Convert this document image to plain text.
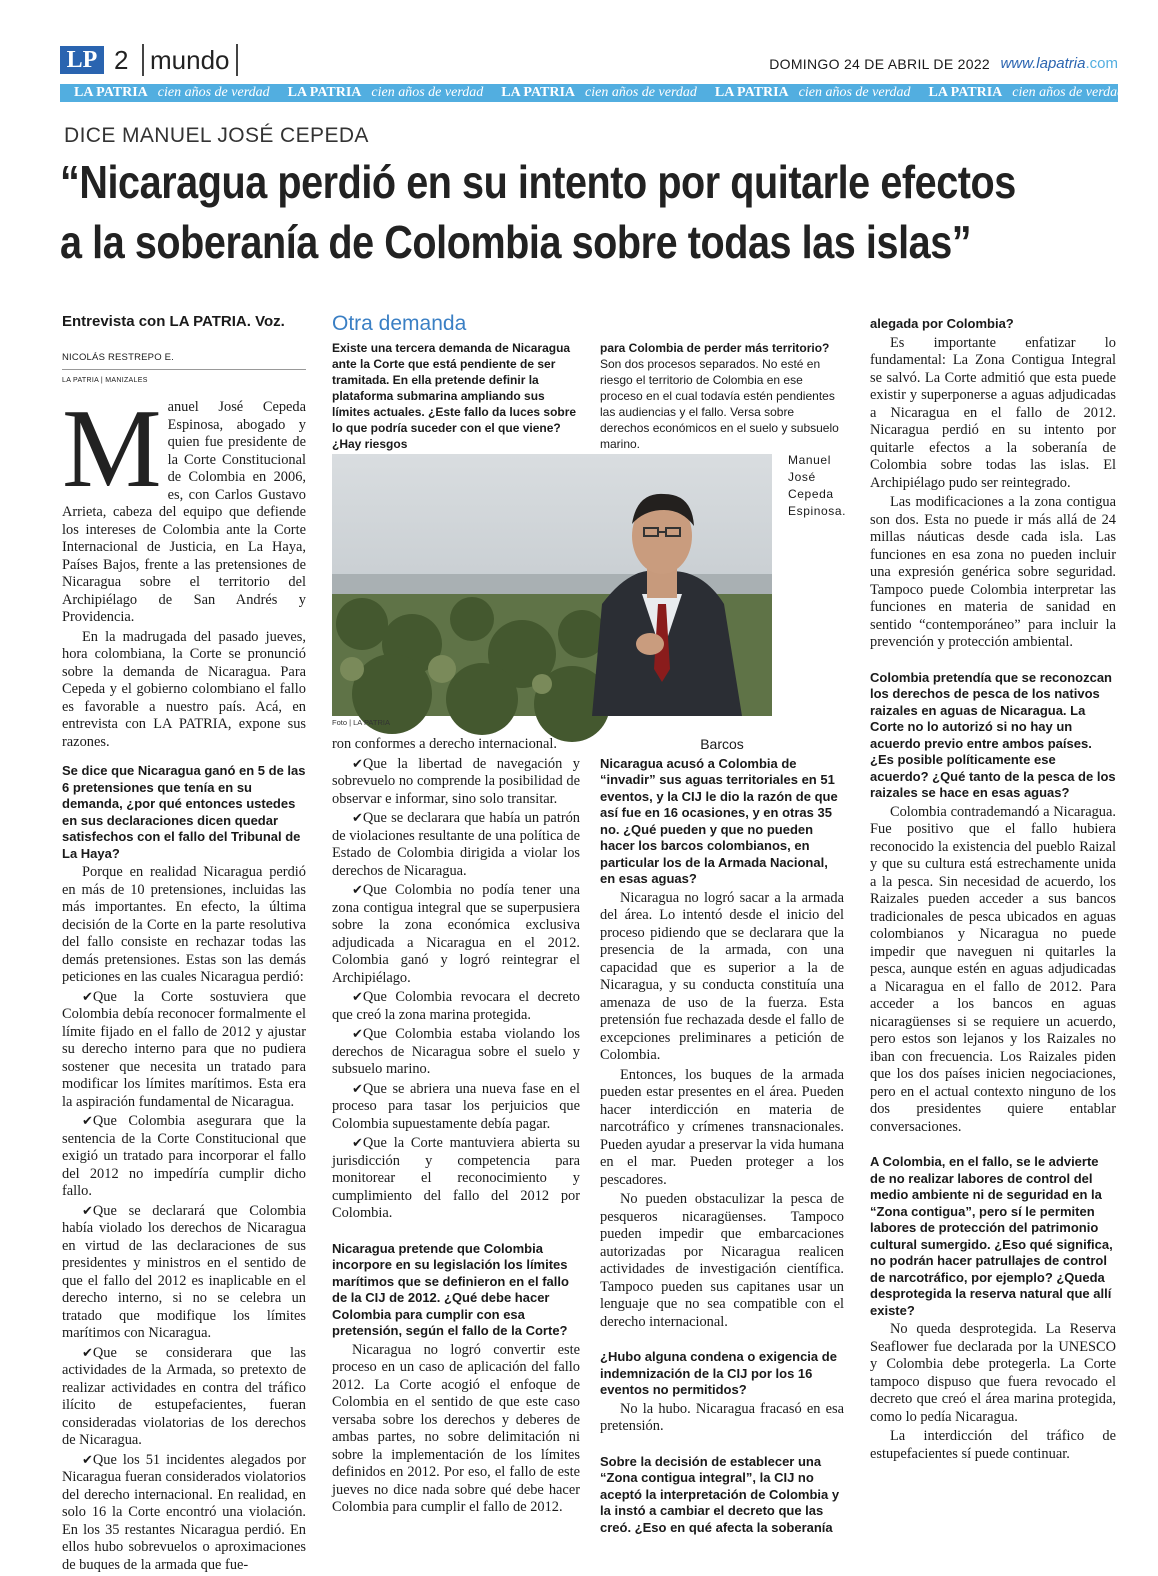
LP 2 mundo	DOMINGO 24 DE ABRIL DE 2022 www.lapatria.com
LA PATRIA cien años de verdad LA PATRIA cien años de verdad LA PATRIA cien años de verdad LA PATRIA cien años de verdad LA PATRIA cien años de verdad
DICE MANUEL JOSÉ CEPEDA
“Nicaragua perdió en su intento por quitarle efectos
a la soberanía de Colombia sobre todas las islas”
Entrevista con LA PATRIA. Voz.
NICOLÁS RESTREPO E.
LA PATRIA | MANIZALES

Manuel José Cepeda Espinosa, abogado y quien fue presidente de la Corte Constitucional de Colombia en 2006, es, con Carlos Gustavo Arrieta, cabeza del equipo que defiende los intereses de Colombia ante la Corte Internacional de Justicia, en La Haya, Países Bajos, frente a las pretensiones de Nicaragua sobre el territorio del Archipiélago de San Andrés y Providencia.

En la madrugada del pasado jueves, hora colombiana, la Corte se pronunció sobre la demanda de Nicaragua. Para Cepeda y el gobierno colombiano el fallo es favorable a nuestro país. Acá, en entrevista con LA PATRIA, expone sus razones.

Se dice que Nicaragua ganó en 5 de las 6 pretensiones que tenía en su demanda, ¿por qué entonces ustedes en sus declaraciones dicen quedar satisfechos con el fallo del Tribunal de La Haya?

Porque en realidad Nicaragua perdió en más de 10 pretensiones, incluidas las más importantes. En efecto, la última decisión de la Corte en la parte resolutiva del fallo consiste en rechazar todas las demás pretensiones. Estas son las demás peticiones en las cuales Nicaragua perdió:

✔Que la Corte sostuviera que Colombia debía reconocer formalmente el límite fijado en el fallo de 2012 y ajustar su derecho interno para que no pudiera sostener que necesita un tratado para modificar los límites marítimos. Esta era la aspiración fundamental de Nicaragua.

✔Que Colombia asegurara que la sentencia de la Corte Constitucional que exigió un tratado para incorporar el fallo del 2012 no impedíría cumplir dicho fallo.

✔Que se declarará que Colombia había violado los derechos de Nicaragua en virtud de las declaraciones de sus presidentes y ministros en el sentido de que el fallo del 2012 es inaplicable en el derecho interno, si no se celebra un tratado que modifique los límites marítimos con Nicaragua.

✔Que se considerara que las actividades de la Armada, so pretexto de realizar actividades en contra del tráfico ilícito de estupefacientes, fueran consideradas violatorias de los derechos de Nicaragua.

✔Que los 51 incidentes alegados por Nicaragua fueran considerados violatorios del derecho internacional. En realidad, en solo 16 la Corte encontró una violación. En los 35 restantes Nicaragua perdió. En ellos hubo sobrevuelos o aproximaciones de buques de la armada que fue-

Otra demanda
Existe una tercera demanda de Nicaragua ante la Corte que está pendiente de ser tramitada. En ella pretende definir la plataforma submarina ampliando sus límites actuales. ¿Este fallo da luces sobre lo que podría suceder con el que viene? ¿Hay riesgos
para Colombia de perder más territorio?
Son dos procesos separados. No esté en riesgo el territorio de Colombia en ese proceso en el cual todavía estén pendientes las audiencias y el fallo. Versa sobre derechos económicos en el suelo y subsuelo marino.
Foto | LA PATRIA
Manuel José Cepeda Espinosa.

ron conformes a derecho internacional.

✔Que la libertad de navegación y sobrevuelo no comprende la posibilidad de observar e informar, sino solo transitar.

✔Que se declarara que había un patrón de violaciones resultante de una política de Estado de Colombia dirigida a violar los derechos de Nicaragua.

✔Que Colombia no podía tener una zona contigua integral que se superpusiera sobre la zona económica exclusiva adjudicada a Nicaragua en el 2012. Colombia ganó y logró reintegrar el Archipiélago.

✔Que Colombia revocara el decreto que creó la zona marina protegida.

✔Que Colombia estaba violando los derechos de Nicaragua sobre el suelo y subsuelo marino.

✔Que se abriera una nueva fase en el proceso para tasar los perjuicios que Colombia supuestamente debía pagar.

✔Que la Corte mantuviera abierta su jurisdicción y competencia para monitorear el reconocimiento y cumplimiento del fallo del 2012 por Colombia.

Nicaragua pretende que Colombia incorpore en su legislación los límites marítimos que se definieron en el fallo de la CIJ de 2012. ¿Qué debe hacer Colombia para cumplir con esa pretensión, según el fallo de la Corte?

Nicaragua no logró convertir este proceso en un caso de aplicación del fallo 2012. La Corte acogió el enfoque de Colombia en el sentido de que este caso versaba sobre los derechos y deberes de ambas partes, no sobre delimitación ni sobre la implementación de los límites definidos en 2012. Por eso, el fallo de este jueves no dice nada sobre qué debe hacer Colombia para cumplir el fallo de 2012.

Barcos

Nicaragua acusó a Colombia de “invadir” sus aguas territoriales en 51 eventos, y la CIJ le dio la razón de que así fue en 16 ocasiones, y en otras 35 no. ¿Qué pueden y que no pueden hacer los barcos colombianos, en particular los de la Armada Nacional, en esas aguas?

Nicaragua no logró sacar a la armada del área. Lo intentó desde el inicio del proceso pidiendo que se declarara que la presencia de la armada, con una capacidad que es superior a la de Nicaragua, y su conducta constituía una amenaza de uso de la fuerza. Esta pretensión fue rechazada desde el fallo de excepciones preliminares a petición de Colombia.

Entonces, los buques de la armada pueden estar presentes en el área. Pueden hacer interdicción en materia de narcotráfico y crímenes transnacionales. Pueden ayudar a preservar la vida humana en el mar. Pueden proteger a los pescadores.

No pueden obstaculizar la pesca de pesqueros nicaragüenses. Tampoco pueden impedir que embarcaciones autorizadas por Nicaragua realicen actividades de investigación científica. Tampoco pueden sus capitanes usar un lenguaje que no sea compatible con el derecho internacional.

¿Hubo alguna condena o exigencia de indemnización de la CIJ por los 16 eventos no permitidos?

No la hubo. Nicaragua fracasó en esa pretensión.

Sobre la decisión de establecer una “Zona contigua integral”, la CIJ no aceptó la interpretación de Colombia y la instó a cambiar el decreto que las creó. ¿Eso en qué afecta la soberanía

alegada por Colombia?

Es importante enfatizar lo fundamental: La Zona Contigua Integral se salvó. La Corte admitió que esta puede existir y superponerse a aguas adjudicadas a Nicaragua en el fallo de 2012. Nicaragua perdió en su intento por quitarle efectos a la soberanía de Colombia sobre todas las islas. El Archipiélago pudo ser reintegrado.

Las modificaciones a la zona contigua son dos. Esta no puede ir más allá de 24 millas náuticas desde cada isla. Las funciones en esa zona no pueden incluir una expresión genérica sobre seguridad. Tampoco puede Colombia interpretar las funciones en materia de sanidad en sentido “contemporáneo” para incluir la prevención y protección ambiental.

Colombia pretendía que se reconozcan los derechos de pesca de los nativos raizales en aguas de Nicaragua. La Corte no lo autorizó si no hay un acuerdo previo entre ambos países. ¿Es posible políticamente ese acuerdo? ¿Qué tanto de la pesca de los raizales se hace en esas aguas?

Colombia contrademandó a Nicaragua. Fue positivo que el fallo hubiera reconocido la existencia del pueblo Raizal y que su cultura está estrechamente unida a la pesca. Sin necesidad de acuerdo, los Raizales pueden acceder a sus bancos tradicionales de pesca ubicados en aguas colombianos y Nicaragua no puede impedir que naveguen ni quitarles la pesca, aunque estén en aguas adjudicadas a Nicaragua en el fallo de 2012. Para acceder a los bancos en aguas nicaragüenses si se requiere un acuerdo, pero estos son lejanos y los Raizales no iban con frecuencia. Los Raizales piden que los dos países inicien negociaciones, pero en el actual contexto ninguno de los dos presidentes quiere entablar conversaciones.

A Colombia, en el fallo, se le advierte de no realizar labores de control del medio ambiente ni de seguridad en la “Zona contigua”, pero sí le permiten labores de protección del patrimonio cultural sumergido. ¿Eso qué significa, no podrán hacer patrullajes de control de narcotráfico, por ejemplo? ¿Queda desprotegida la reserva natural que allí existe?

No queda desprotegida. La Reserva Seaflower fue declarada por la UNESCO y Colombia debe protegerla. La Corte tampoco dispuso que fuera revocado el decreto que creó el área marina protegida, como lo pedía Nicaragua.

La interdicción del tráfico de estupefacientes sí puede continuar.
